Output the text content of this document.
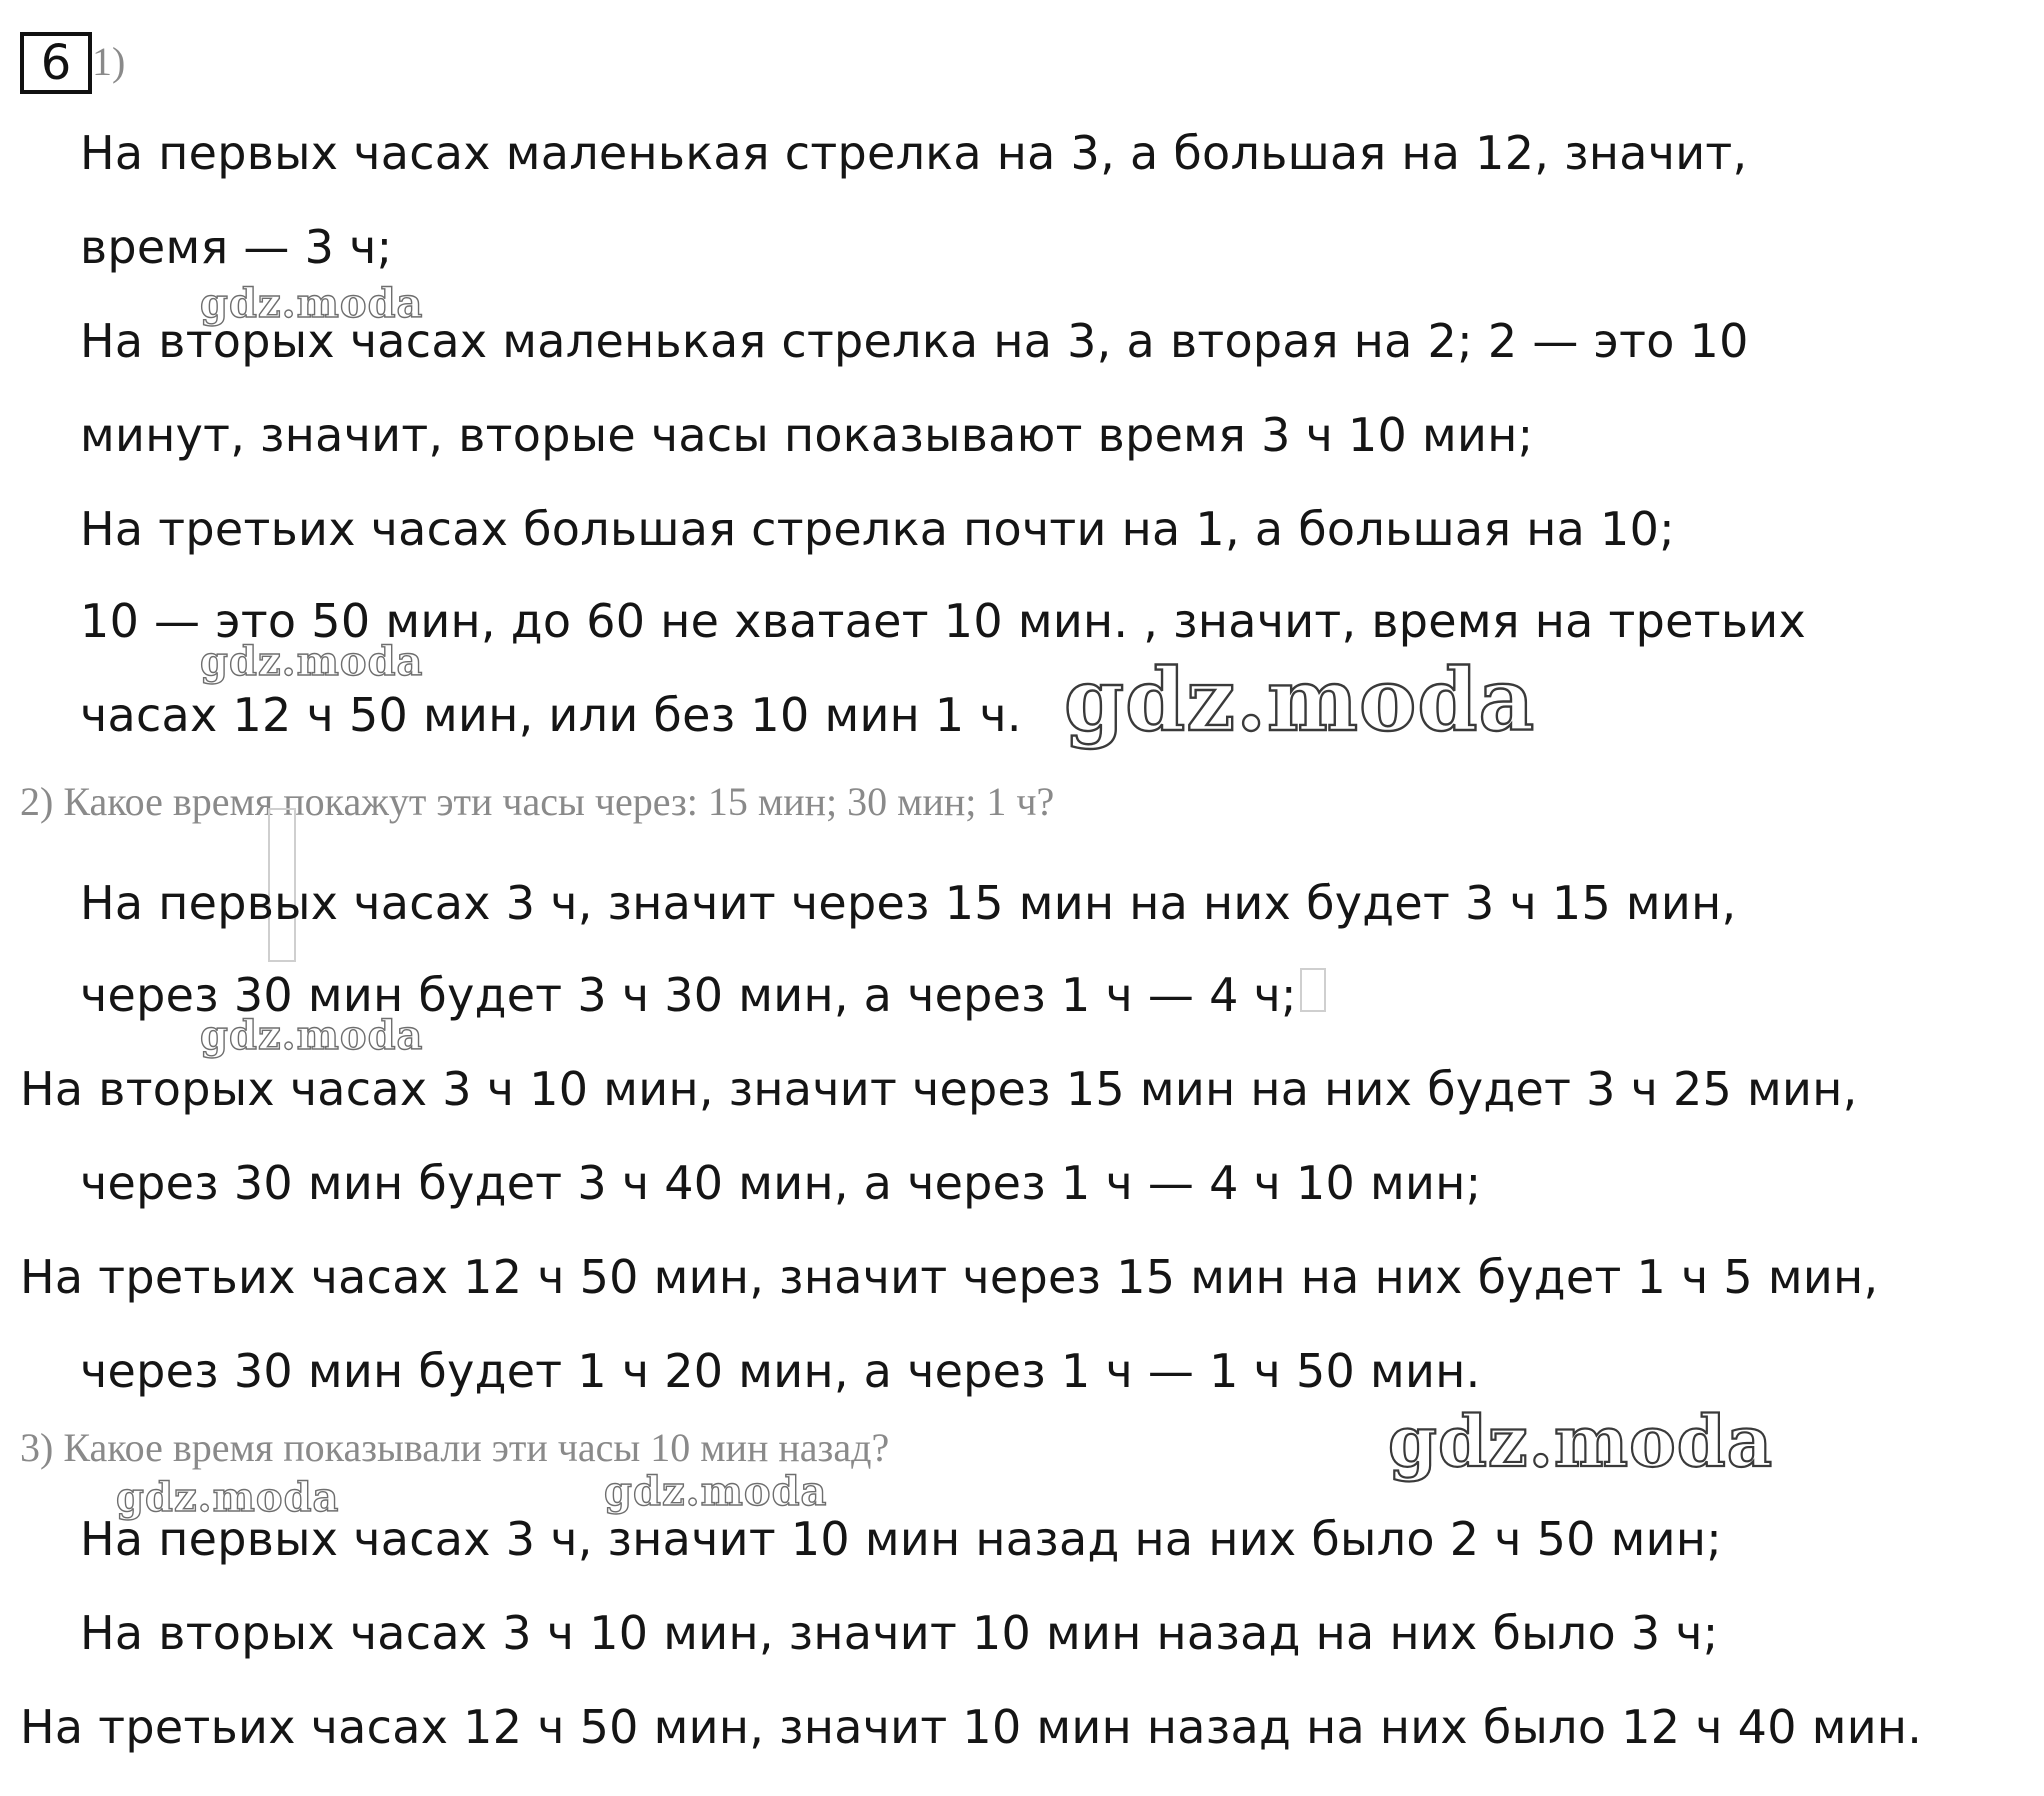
6 1)
На первых часах маленькая стрелка на 3, а большая на 12, значит,
время — 3 ч;
На вторых часах маленькая стрелка на 3, а вторая на 2; 2 — это 10
минут, значит, вторые часы показывают время 3 ч 10 мин;
На третьих часах большая стрелка почти на 1, а большая на 10;
10 — это 50 мин, до 60 не хватает 10 мин. , значит, время на третьих
часах 12 ч 50 мин, или без 10 мин 1 ч.
2) Какое время покажут эти часы через: 15 мин; 30 мин; 1 ч?
На первых часах 3 ч, значит через 15 мин на них будет 3 ч 15 мин,
через 30 мин будет 3 ч 30 мин, а через 1 ч — 4 ч;
На вторых часах 3 ч 10 мин, значит через 15 мин на них будет 3 ч 25 мин,
через 30 мин будет 3 ч 40 мин, а через 1 ч — 4 ч 10 мин;
На третьих часах 12 ч 50 мин, значит через 15 мин на них будет 1 ч 5 мин,
через 30 мин будет 1 ч 20 мин, а через 1 ч — 1 ч 50 мин.
3) Какое время показывали эти часы 10 мин назад?
На первых часах 3 ч, значит 10 мин назад на них было 2 ч 50 мин;
На вторых часах 3 ч 10 мин, значит 10 мин назад на них было 3 ч;
На третьих часах 12 ч 50 мин, значит 10 мин назад на них было 12 ч 40 мин.
gdz.moda
gdz.moda
gdz.moda
gdz.moda	gdz.moda
gdz.moda
gdz.moda
